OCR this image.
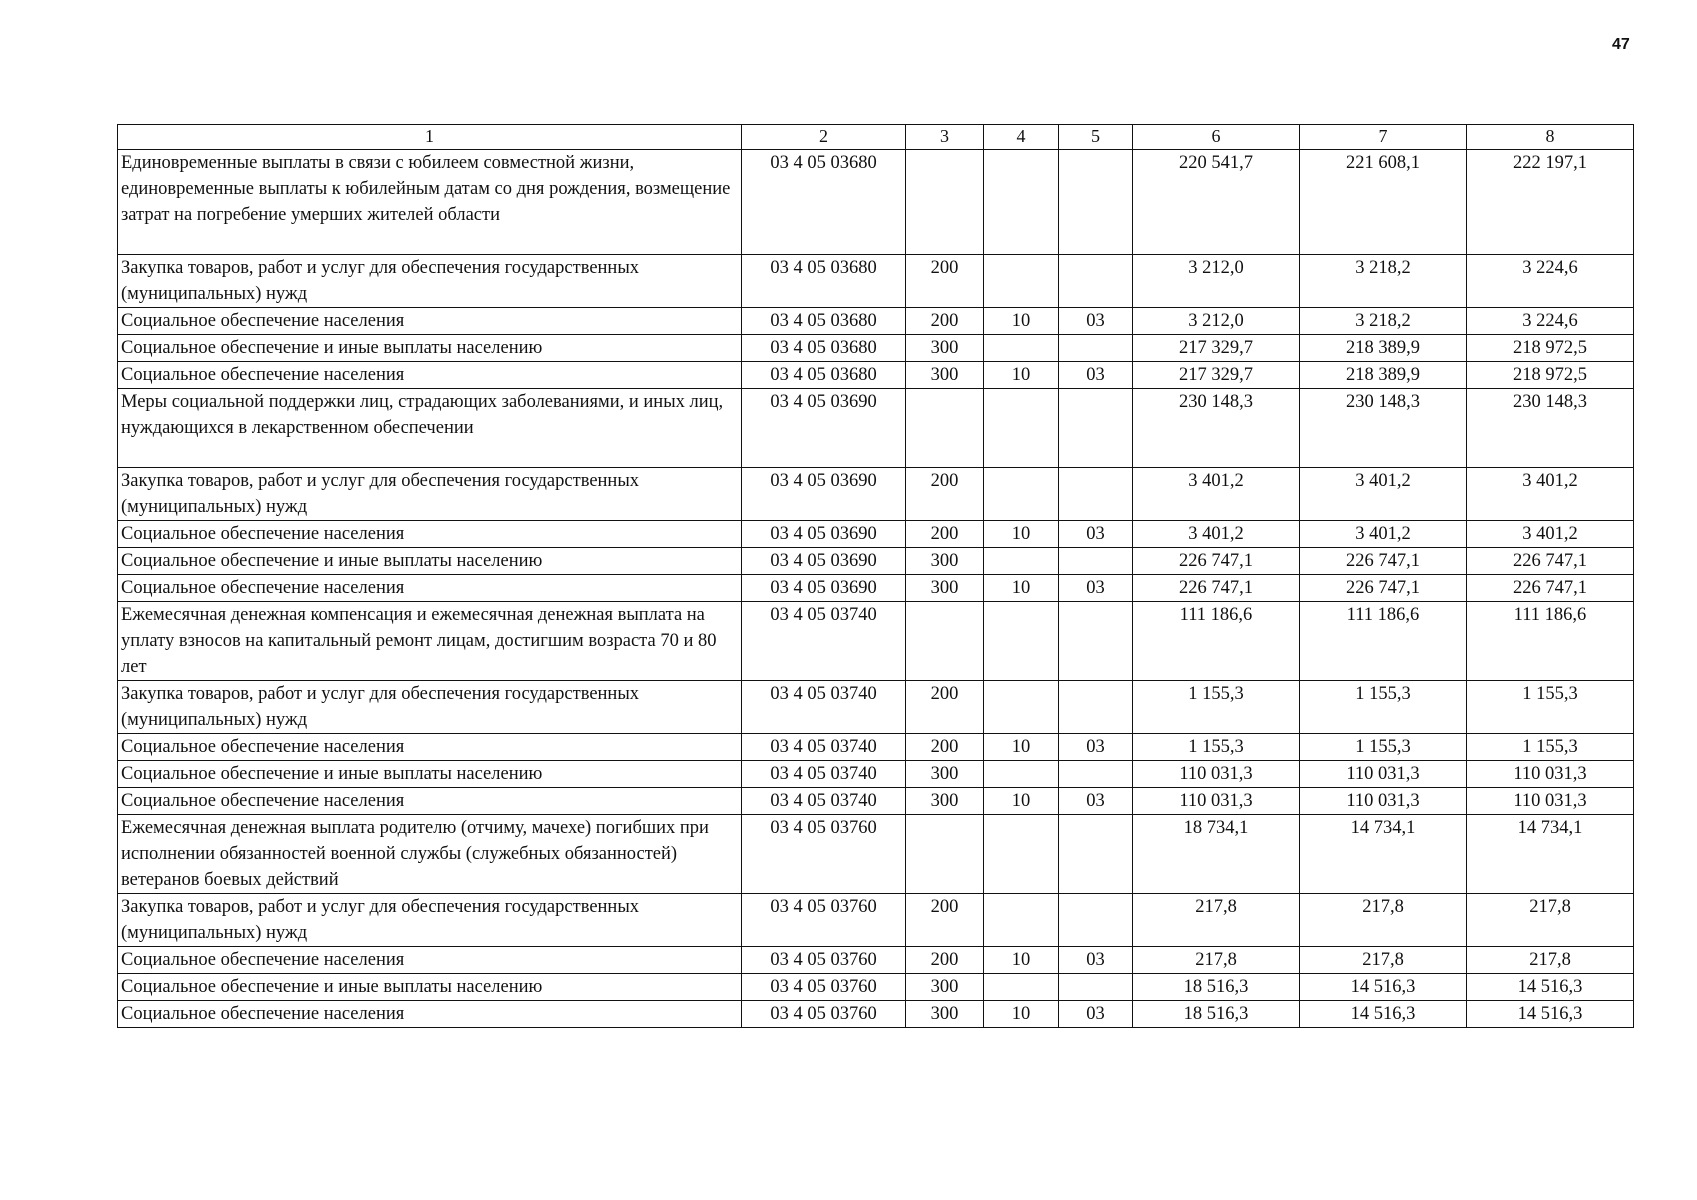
47
1	2	3	4	5	6	7	8
Единовременные выплаты в связи с юбилеем совместной жизни, единовременные выплаты к юбилейным датам со дня рождения, возмещение затрат на погребение умерших жителей области	03 4 05 03680				220 541,7	221 608,1	222 197,1
Закупка товаров, работ и услуг для обеспечения государственных (муниципальных) нужд	03 4 05 03680	200			3 212,0	3 218,2	3 224,6
Социальное обеспечение населения	03 4 05 03680	200	10	03	3 212,0	3 218,2	3 224,6
Социальное обеспечение и иные выплаты населению	03 4 05 03680	300			217 329,7	218 389,9	218 972,5
Социальное обеспечение населения	03 4 05 03680	300	10	03	217 329,7	218 389,9	218 972,5
Меры социальной поддержки лиц, страдающих заболеваниями, и иных лиц, нуждающихся в лекарственном обеспечении	03 4 05 03690				230 148,3	230 148,3	230 148,3
Закупка товаров, работ и услуг для обеспечения государственных (муниципальных) нужд	03 4 05 03690	200			3 401,2	3 401,2	3 401,2
Социальное обеспечение населения	03 4 05 03690	200	10	03	3 401,2	3 401,2	3 401,2
Социальное обеспечение и иные выплаты населению	03 4 05 03690	300			226 747,1	226 747,1	226 747,1
Социальное обеспечение населения	03 4 05 03690	300	10	03	226 747,1	226 747,1	226 747,1
Ежемесячная денежная компенсация и ежемесячная денежная выплата на уплату взносов на капитальный ремонт лицам, достигшим возраста 70 и 80 лет	03 4 05 03740				111 186,6	111 186,6	111 186,6
Закупка товаров, работ и услуг для обеспечения государственных (муниципальных) нужд	03 4 05 03740	200			1 155,3	1 155,3	1 155,3
Социальное обеспечение населения	03 4 05 03740	200	10	03	1 155,3	1 155,3	1 155,3
Социальное обеспечение и иные выплаты населению	03 4 05 03740	300			110 031,3	110 031,3	110 031,3
Социальное обеспечение населения	03 4 05 03740	300	10	03	110 031,3	110 031,3	110 031,3
Ежемесячная денежная выплата родителю (отчиму, мачехе) погибших при исполнении обязанностей военной службы (служебных обязанностей) ветеранов боевых действий	03 4 05 03760				18 734,1	14 734,1	14 734,1
Закупка товаров, работ и услуг для обеспечения государственных (муниципальных) нужд	03 4 05 03760	200			217,8	217,8	217,8
Социальное обеспечение населения	03 4 05 03760	200	10	03	217,8	217,8	217,8
Социальное обеспечение и иные выплаты населению	03 4 05 03760	300			18 516,3	14 516,3	14 516,3
Социальное обеспечение населения	03 4 05 03760	300	10	03	18 516,3	14 516,3	14 516,3
